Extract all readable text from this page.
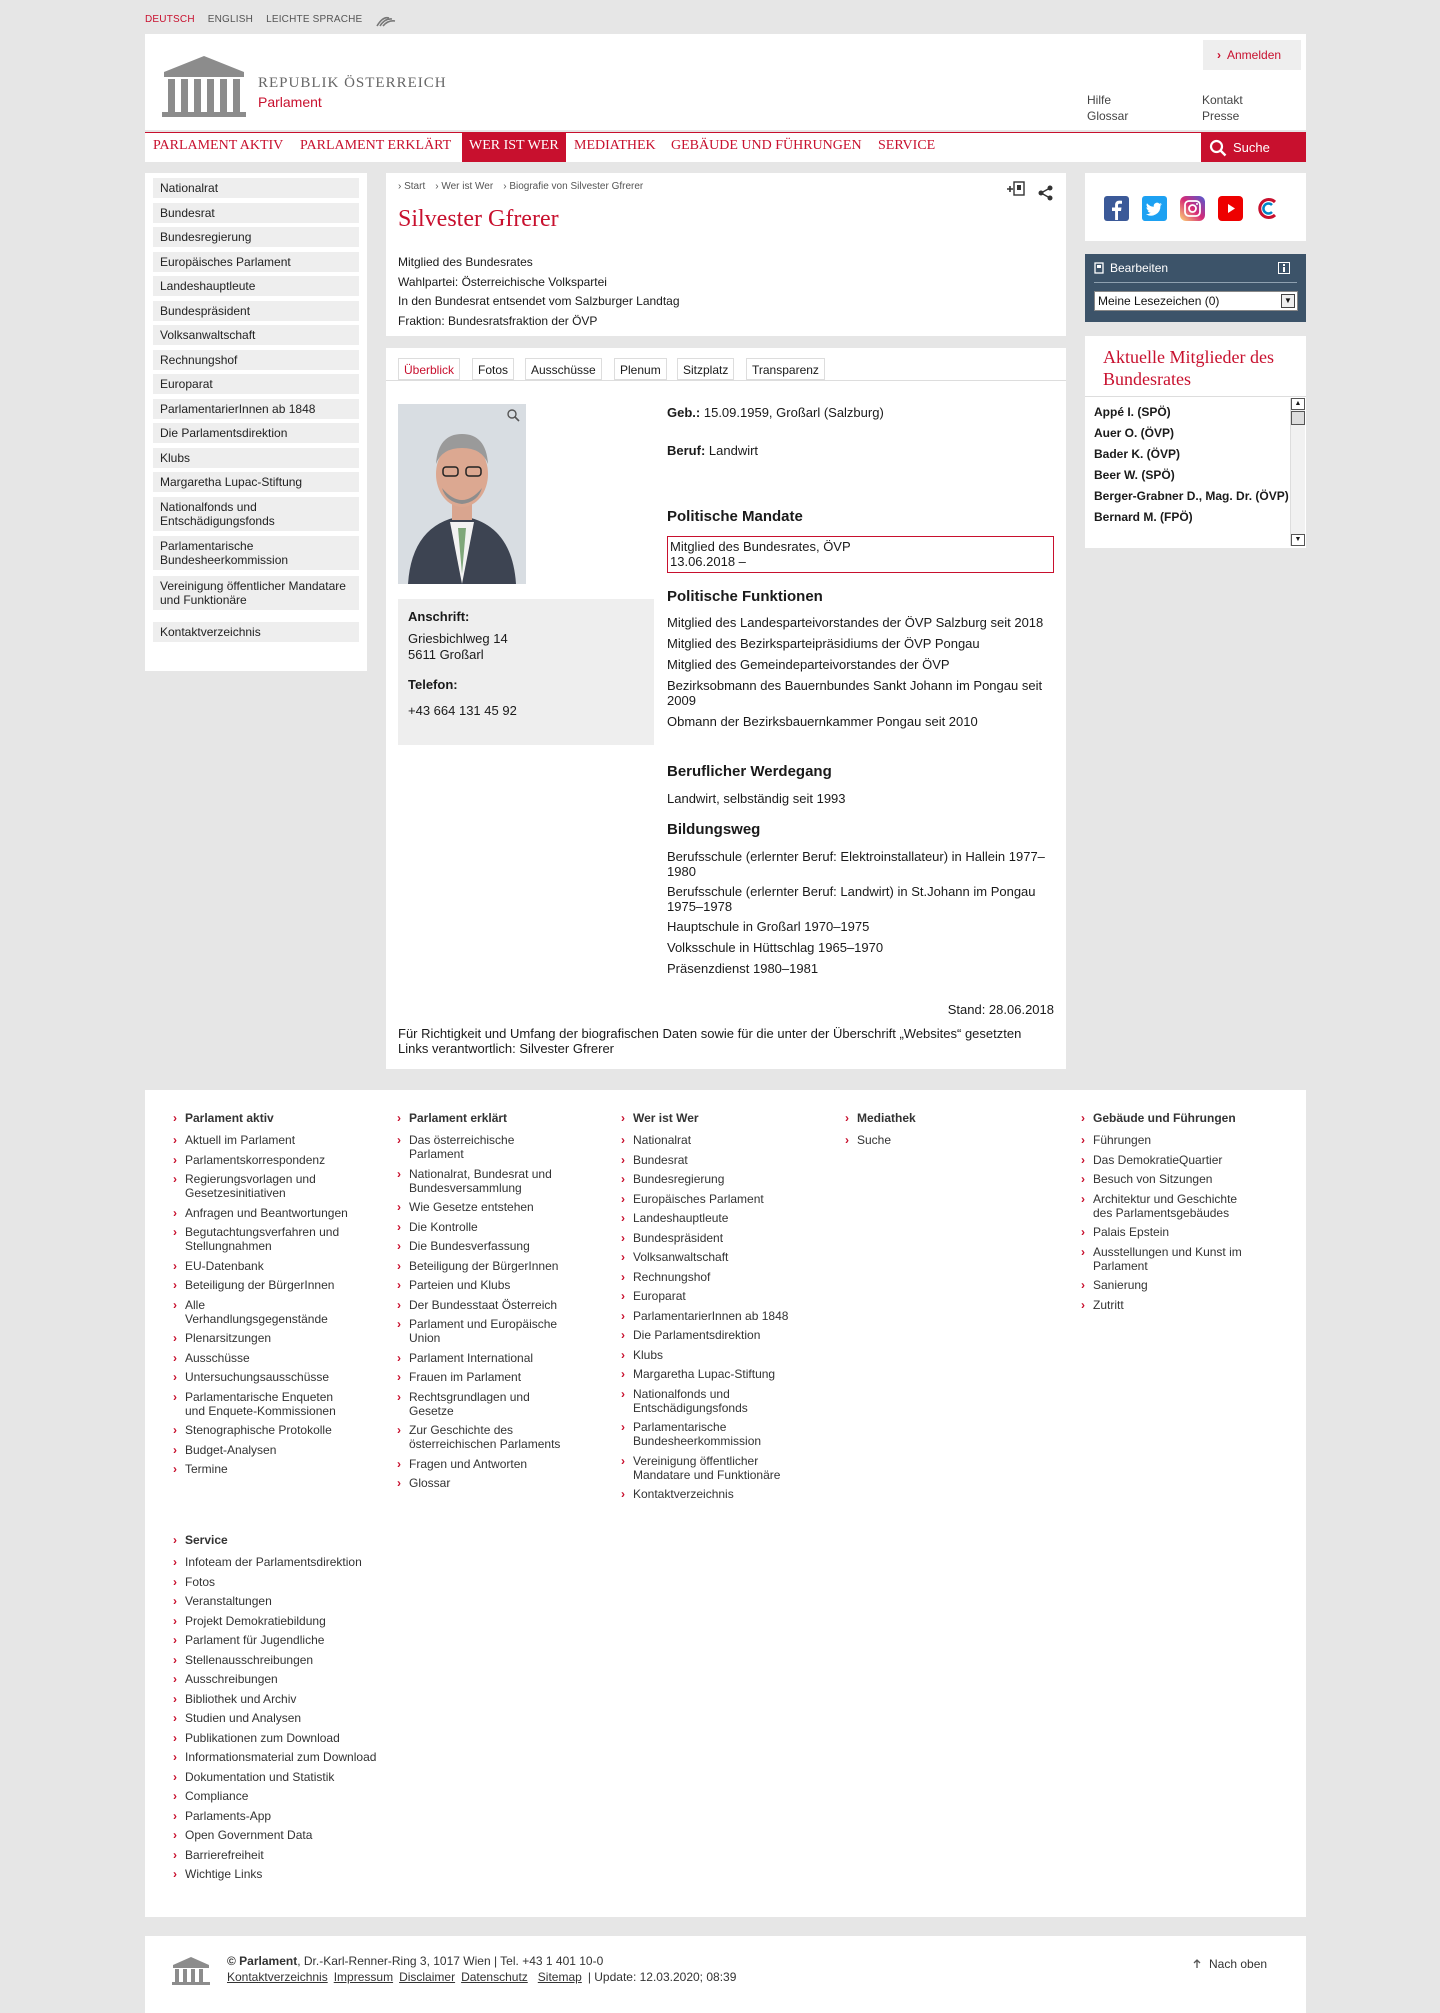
DEUTSCH ENGLISH LEICHTE SPRACHE
REPUBLIK ÖSTERREICH
Parlament
› Anmelden
Hilfe
Glossar
Kontakt
Presse
PARLAMENT AKTIV PARLAMENT ERKLÄRT	WER IST WER	MEDIATHEK GEBÄUDE UND FÜHRUNGEN SERVICE	Suche
Nationalrat
Bundesrat
Bundesregierung
Europäisches Parlament
Landeshauptleute
Bundespräsident
Volksanwaltschaft
Rechnungshof
Europarat
ParlamentarierInnen ab 1848
Die Parlamentsdirektion
Klubs
Margaretha Lupac-Stiftung
Nationalfonds und Entschädigungsfonds
Parlamentarische Bundesheerkommission
Vereinigung öffentlicher Mandatare und Funktionäre
Kontaktverzeichnis
› Start › Wer ist Wer › Biografie von Silvester Gfrerer
Silvester Gfrerer
Mitglied des Bundesrates
Wahlpartei: Österreichische Volkspartei
In den Bundesrat entsendet vom Salzburger Landtag
Fraktion: Bundesratsfraktion der ÖVP
Überblick	Fotos	Ausschüsse	Plenum	Sitzplatz	Transparenz
Anschrift:
Griesbichlweg 14
5611 Großarl
Telefon:
+43 664 131 45 92
Geb.: 15.09.1959, Großarl (Salzburg)
Beruf: Landwirt
Politische Mandate
Mitglied des Bundesrates, ÖVP
13.06.2018 –
Politische Funktionen
Mitglied des Landesparteivorstandes der ÖVP Salzburg seit 2018
Mitglied des Bezirksparteipräsidiums der ÖVP Pongau
Mitglied des Gemeindeparteivorstandes der ÖVP
Bezirksobmann des Bauernbundes Sankt Johann im Pongau seit 2009
Obmann der Bezirksbauernkammer Pongau seit 2010
Beruflicher Werdegang
Landwirt, selbständig seit 1993
Bildungsweg
Berufsschule (erlernter Beruf: Elektroinstallateur) in Hallein 1977–1980
Berufsschule (erlernter Beruf: Landwirt) in St.Johann im Pongau 1975–1978
Hauptschule in Großarl 1970–1975
Volksschule in Hüttschlag 1965–1970
Präsenzdienst 1980–1981
Stand: 28.06.2018
Für Richtigkeit und Umfang der biografischen Daten sowie für die unter der Überschrift „Websites“ gesetzten Links verantwortlich: Silvester Gfrerer
Bearbeiten
Meine Lesezeichen (0)	▼
Aktuelle Mitglieder des Bundesrates
Appé I. (SPÖ)
Auer O. (ÖVP)
Bader K. (ÖVP)
Beer W. (SPÖ)
Berger-Grabner D., Mag. Dr. (ÖVP)
Bernard M. (FPÖ)
▲
▼
› Parlament aktiv
› Aktuell im Parlament
› Parlamentskorrespondenz
› Regierungsvorlagen und Gesetzesinitiativen
› Anfragen und Beantwortungen
› Begutachtungsverfahren und Stellungnahmen
› EU-Datenbank
› Beteiligung der BürgerInnen
› Alle Verhandlungsgegenstände
› Plenarsitzungen
› Ausschüsse
› Untersuchungsausschüsse
› Parlamentarische Enqueten und Enquete-Kommissionen
› Stenographische Protokolle
› Budget-Analysen
› Termine
› Parlament erklärt
› Das österreichische Parlament
› Nationalrat, Bundesrat und Bundesversammlung
› Wie Gesetze entstehen
› Die Kontrolle
› Die Bundesverfassung
› Beteiligung der BürgerInnen
› Parteien und Klubs
› Der Bundesstaat Österreich
› Parlament und Europäische Union
› Parlament International
› Frauen im Parlament
› Rechtsgrundlagen und Gesetze
› Zur Geschichte des österreichischen Parlaments
› Fragen und Antworten
› Glossar
› Wer ist Wer
› Nationalrat
› Bundesrat
› Bundesregierung
› Europäisches Parlament
› Landeshauptleute
› Bundespräsident
› Volksanwaltschaft
› Rechnungshof
› Europarat
› ParlamentarierInnen ab 1848
› Die Parlamentsdirektion
› Klubs
› Margaretha Lupac-Stiftung
› Nationalfonds und Entschädigungsfonds
› Parlamentarische Bundesheerkommission
› Vereinigung öffentlicher Mandatare und Funktionäre
› Kontaktverzeichnis
› Mediathek
› Suche
› Gebäude und Führungen
› Führungen
› Das DemokratieQuartier
› Besuch von Sitzungen
› Architektur und Geschichte des Parlamentsgebäudes
› Palais Epstein
› Ausstellungen und Kunst im Parlament
› Sanierung
› Zutritt
› Service
› Infoteam der Parlamentsdirektion
› Fotos
› Veranstaltungen
› Projekt Demokratiebildung
› Parlament für Jugendliche
› Stellenausschreibungen
› Ausschreibungen
› Bibliothek und Archiv
› Studien und Analysen
› Publikationen zum Download
› Informationsmaterial zum Download
› Dokumentation und Statistik
› Compliance
› Parlaments-App
› Open Government Data
› Barrierefreiheit
› Wichtige Links
© Parlament, Dr.-Karl-Renner-Ring 3, 1017 Wien | Tel. +43 1 401 10-0
Kontaktverzeichnis Impressum Disclaimer Datenschutz Sitemap | Update: 12.03.2020; 08:39
Nach oben
